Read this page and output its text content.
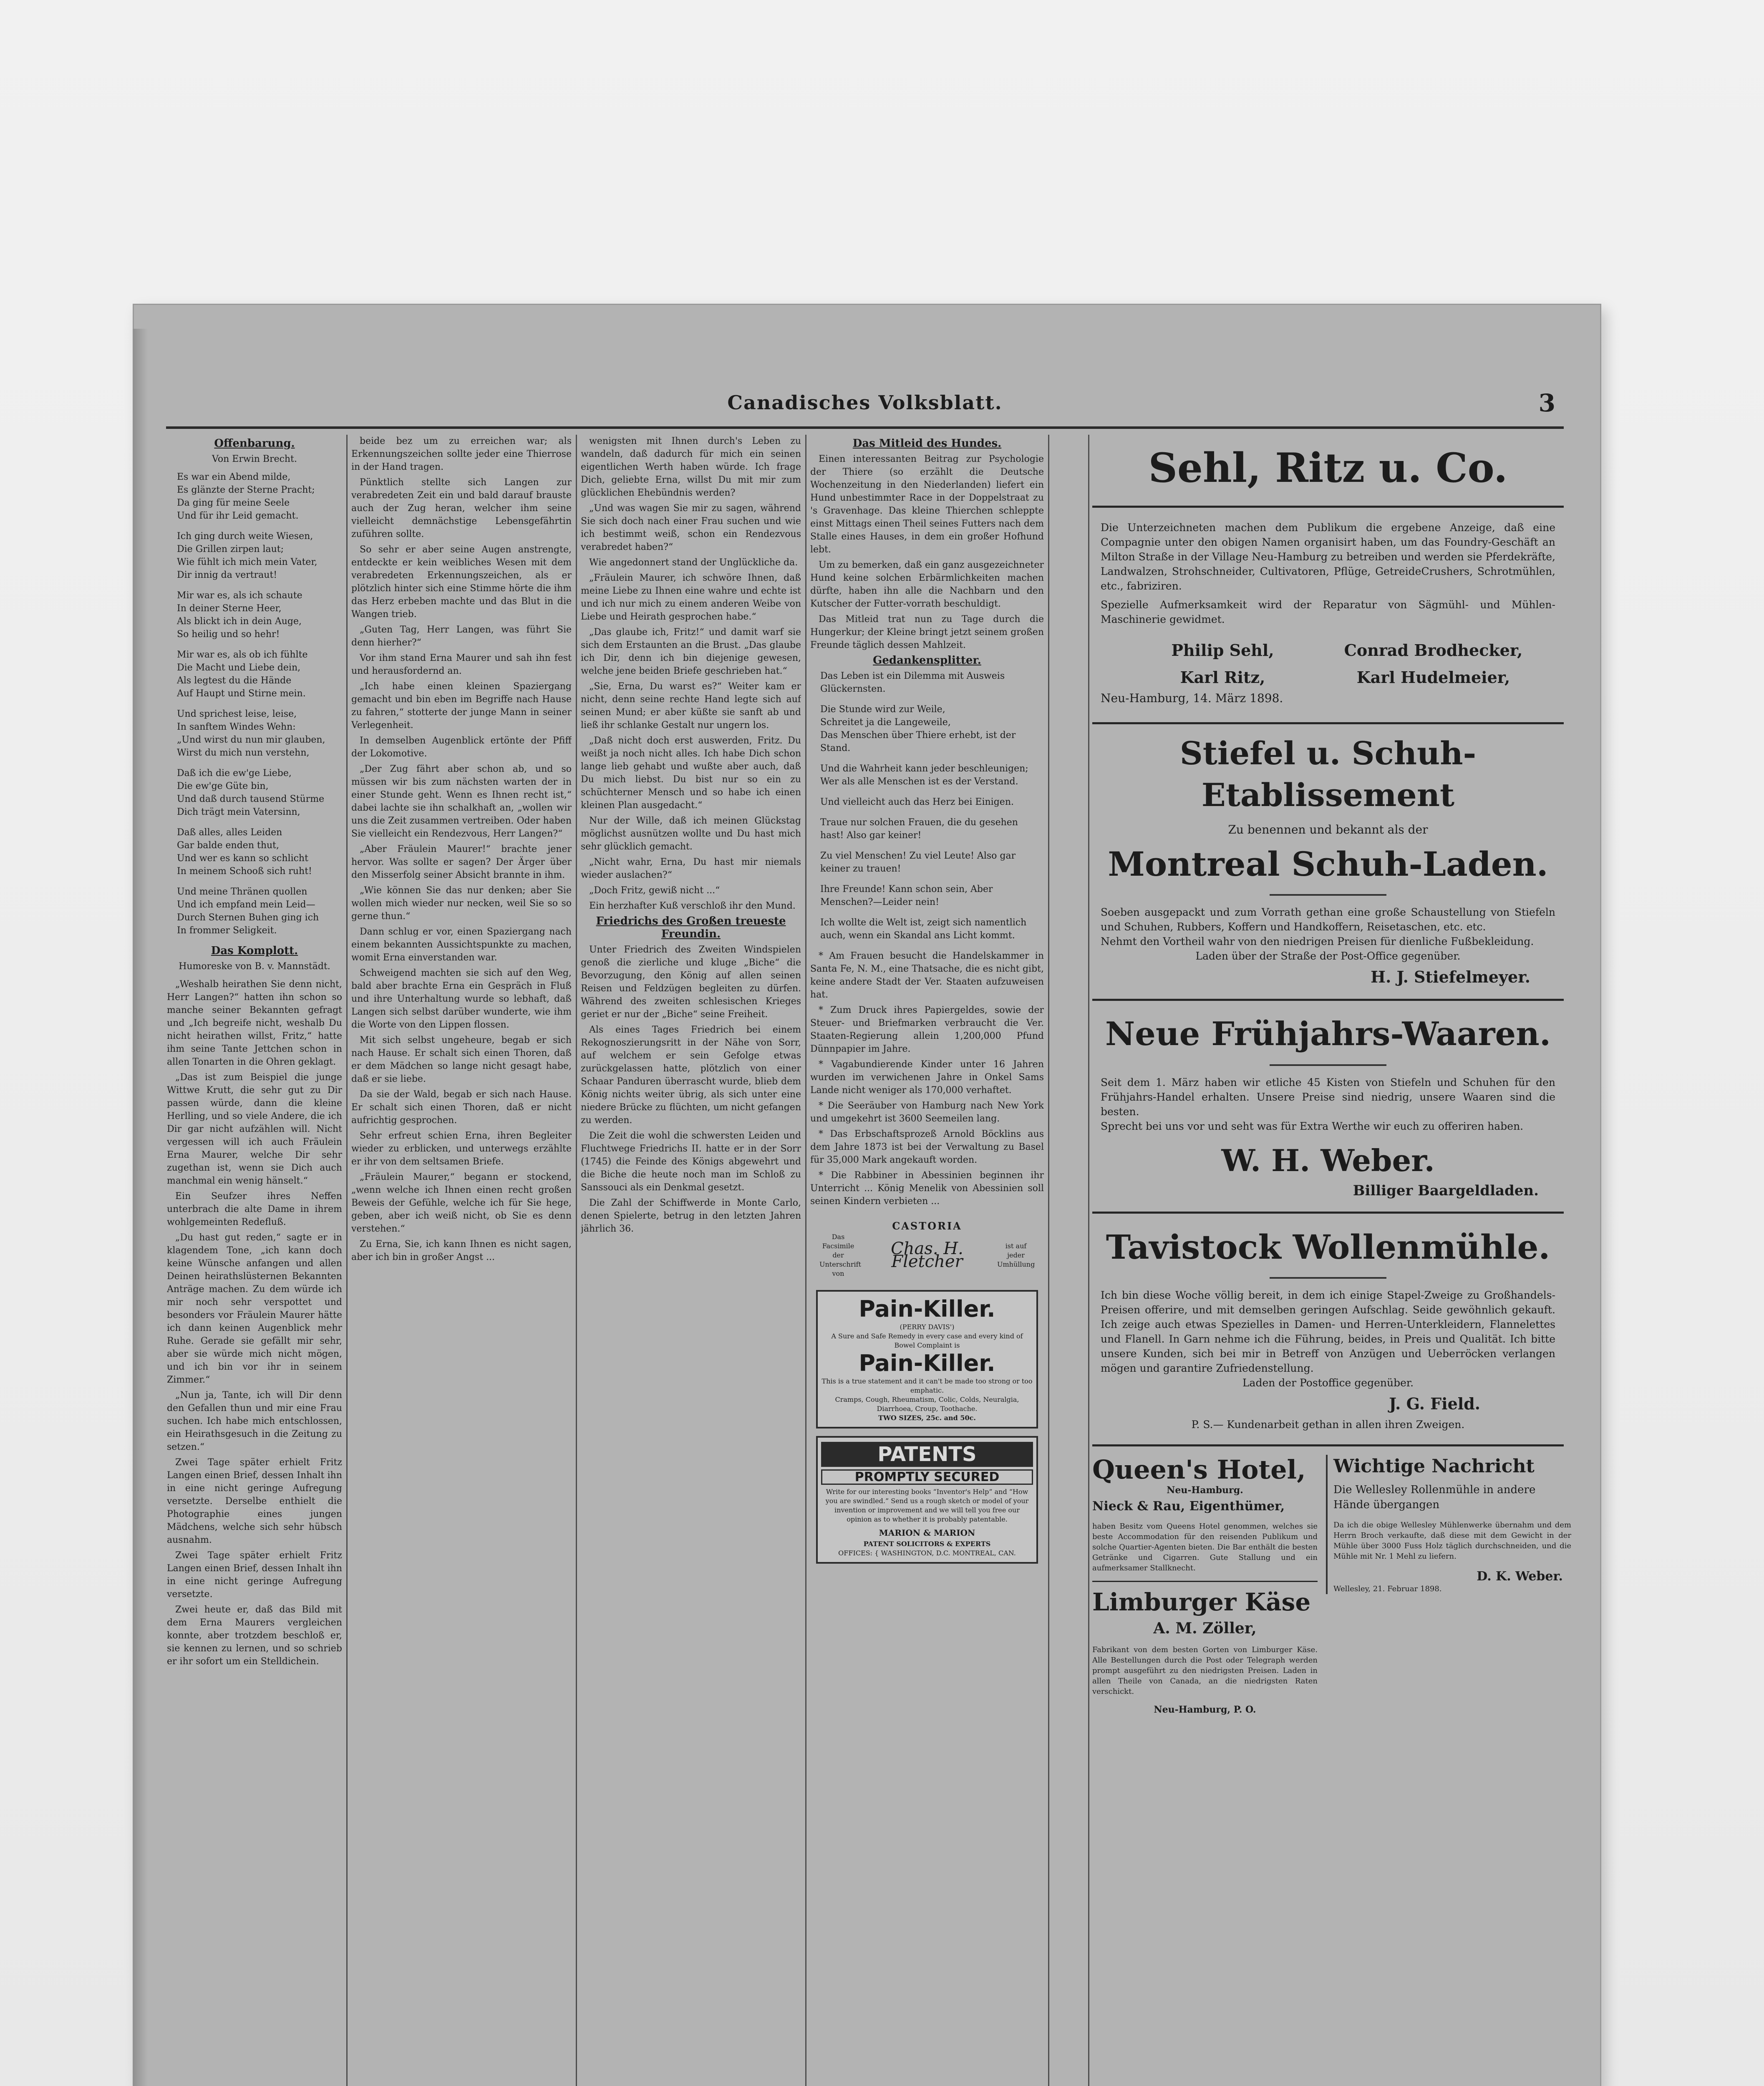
Canadisches Volksblatt.	3
Offenbarung.
Von Erwin Brecht.

Es war ein Abend milde,
Es glänzte der Sterne Pracht;
Da ging für meine Seele
Und für ihr Leid gemacht.

Ich ging durch weite Wiesen,
Die Grillen zirpen laut;
Wie fühlt ich mich mein Vater,
Dir innig da vertraut!

Mir war es, als ich schaute
In deiner Sterne Heer,
Als blickt ich in dein Auge,
So heilig und so hehr!

Mir war es, als ob ich fühlte
Die Macht und Liebe dein,
Als legtest du die Hände
Auf Haupt und Stirne mein.

Und sprichest leise, leise,
In sanftem Windes Wehn:
„Und wirst du nun mir glauben,
Wirst du mich nun verstehn,

Daß ich die ew'ge Liebe,
Die ew'ge Güte bin,
Und daß durch tausend Stürme
Dich trägt mein Vatersinn,

Daß alles, alles Leiden
Gar balde enden thut,
Und wer es kann so schlicht
In meinem Schooß sich ruht!

Und meine Thränen quollen
Und ich empfand mein Leid—
Durch Sternen Buhen ging ich
In frommer Seligkeit.

Das Komplott.
Humoreske von B. v. Mannstädt.

„Weshalb heirathen Sie denn nicht, Herr Langen?“ hatten ihn schon so manche seiner Bekannten gefragt und „Ich begreife nicht, weshalb Du nicht heirathen willst, Fritz,“ hatte ihm seine Tante Jettchen schon in allen Tonarten in die Ohren geklagt.

„Das ist zum Beispiel die junge Wittwe Krutt, die sehr gut zu Dir passen würde, dann die kleine Herlling, und so viele Andere, die ich Dir gar nicht aufzählen will. Nicht vergessen will ich auch Fräulein Erna Maurer, welche Dir sehr zugethan ist, wenn sie Dich auch manchmal ein wenig hänselt.“

Ein Seufzer ihres Neffen unterbrach die alte Dame in ihrem wohlgemeinten Redefluß.

„Du hast gut reden,“ sagte er in klagendem Tone, „ich kann doch keine Wünsche anfangen und allen Deinen heirathslüsternen Bekannten Anträge machen. Zu dem würde ich mir noch sehr verspottet und besonders vor Fräulein Maurer hätte ich dann keinen Augenblick mehr Ruhe. Gerade sie gefällt mir sehr, aber sie würde mich nicht mögen, und ich bin vor ihr in seinem Zimmer.“

„Nun ja, Tante, ich will Dir denn den Gefallen thun und mir eine Frau suchen. Ich habe mich entschlossen, ein Heirathsgesuch in die Zeitung zu setzen.“

Zwei Tage später erhielt Fritz Langen einen Brief, dessen Inhalt ihn in eine nicht geringe Aufregung versetzte. Derselbe enthielt die Photographie eines jungen Mädchens, welche sich sehr hübsch ausnahm.

Zwei Tage später erhielt Fritz Langen einen Brief, dessen Inhalt ihn in eine nicht geringe Aufregung versetzte.

Zwei heute er, daß das Bild mit dem Erna Maurers vergleichen konnte, aber trotzdem beschloß er, sie kennen zu lernen, und so schrieb er ihr sofort um ein Stelldichein.

beide bez um zu erreichen war; als Erkennungszeichen sollte jeder eine Thierrose in der Hand tragen.

Pünktlich stellte sich Langen zur verabredeten Zeit ein und bald darauf brauste auch der Zug heran, welcher ihm seine vielleicht demnächstige Lebensgefährtin zuführen sollte.

So sehr er aber seine Augen anstrengte, entdeckte er kein weibliches Wesen mit dem verabredeten Erkennungszeichen, als er plötzlich hinter sich eine Stimme hörte die ihm das Herz erbeben machte und das Blut in die Wangen trieb.

„Guten Tag, Herr Langen, was führt Sie denn hierher?“

Vor ihm stand Erna Maurer und sah ihn fest und herausfordernd an.

„Ich habe einen kleinen Spaziergang gemacht und bin eben im Begriffe nach Hause zu fahren,“ stotterte der junge Mann in seiner Verlegenheit.

In demselben Augenblick ertönte der Pfiff der Lokomotive.

„Der Zug fährt aber schon ab, und so müssen wir bis zum nächsten warten der in einer Stunde geht. Wenn es Ihnen recht ist,“ dabei lachte sie ihn schalkhaft an, „wollen wir uns die Zeit zusammen vertreiben. Oder haben Sie vielleicht ein Rendezvous, Herr Langen?“

„Aber Fräulein Maurer!“ brachte jener hervor. Was sollte er sagen? Der Ärger über den Misserfolg seiner Absicht brannte in ihm.

„Wie können Sie das nur denken; aber Sie wollen mich wieder nur necken, weil Sie so so gerne thun.“

Dann schlug er vor, einen Spaziergang nach einem bekannten Aussichtspunkte zu machen, womit Erna einverstanden war.

Schweigend machten sie sich auf den Weg, bald aber brachte Erna ein Gespräch in Fluß und ihre Unterhaltung wurde so lebhaft, daß Langen sich selbst darüber wunderte, wie ihm die Worte von den Lippen flossen.

Mit sich selbst ungeheure, begab er sich nach Hause. Er schalt sich einen Thoren, daß er dem Mädchen so lange nicht gesagt habe, daß er sie liebe.

Da sie der Wald, begab er sich nach Hause. Er schalt sich einen Thoren, daß er nicht aufrichtig gesprochen.

Sehr erfreut schien Erna, ihren Begleiter wieder zu erblicken, und unterwegs erzählte er ihr von dem seltsamen Briefe.

„Fräulein Maurer,“ begann er stockend, „wenn welche ich Ihnen einen recht großen Beweis der Gefühle, welche ich für Sie hege, geben, aber ich weiß nicht, ob Sie es denn verstehen.“

Zu Erna, Sie, ich kann Ihnen es nicht sagen, aber ich bin in großer Angst ...

wenigsten mit Ihnen durch's Leben zu wandeln, daß dadurch für mich ein seinen eigentlichen Werth haben würde. Ich frage Dich, geliebte Erna, willst Du mit mir zum glücklichen Ehebündnis werden?

„Und was wagen Sie mir zu sagen, während Sie sich doch nach einer Frau suchen und wie ich bestimmt weiß, schon ein Rendezvous verabredet haben?“

Wie angedonnert stand der Unglückliche da.

„Fräulein Maurer, ich schwöre Ihnen, daß meine Liebe zu Ihnen eine wahre und echte ist und ich nur mich zu einem anderen Weibe von Liebe und Heirath gesprochen habe.“

„Das glaube ich, Fritz!“ und damit warf sie sich dem Erstaunten an die Brust. „Das glaube ich Dir, denn ich bin diejenige gewesen, welche jene beiden Briefe geschrieben hat.“

„Sie, Erna, Du warst es?“ Weiter kam er nicht, denn seine rechte Hand legte sich auf seinen Mund; er aber küßte sie sanft ab und ließ ihr schlanke Gestalt nur ungern los.

„Daß nicht doch erst auswerden, Fritz. Du weißt ja noch nicht alles. Ich habe Dich schon lange lieb gehabt und wußte aber auch, daß Du mich liebst. Du bist nur so ein zu schüchterner Mensch und so habe ich einen kleinen Plan ausgedacht.“

Nur der Wille, daß ich meinen Glückstag möglichst ausnützen wollte und Du hast mich sehr glücklich gemacht.

„Nicht wahr, Erna, Du hast mir niemals wieder auslachen?“

„Doch Fritz, gewiß nicht ...“

Ein herzhafter Kuß verschloß ihr den Mund.

Friedrichs des Großen treueste Freundin.

Unter Friedrich des Zweiten Windspielen genoß die zierliche und kluge „Biche“ die Bevorzugung, den König auf allen seinen Reisen und Feldzügen begleiten zu dürfen. Während des zweiten schlesischen Krieges geriet er nur der „Biche“ seine Freiheit.

Als eines Tages Friedrich bei einem Rekognoszierungsritt in der Nähe von Sorr, auf welchem er sein Gefolge etwas zurückgelassen hatte, plötzlich von einer Schaar Panduren überrascht wurde, blieb dem König nichts weiter übrig, als sich unter eine niedere Brücke zu flüchten, um nicht gefangen zu werden.

Die Zeit die wohl die schwersten Leiden und Fluchtwege Friedrichs II. hatte er in der Sorr (1745) die Feinde des Königs abgewehrt und die Biche die heute noch man im Schloß zu Sanssouci als ein Denkmal gesetzt.

Die Zahl der Schiffwerde in Monte Carlo, denen Spielerte, betrug in den letzten Jahren jährlich 36.

Das Mitleid des Hundes.

Einen interessanten Beitrag zur Psychologie der Thiere (so erzählt die Deutsche Wochenzeitung in den Niederlanden) liefert ein Hund unbestimmter Race in der Doppelstraat zu 's Gravenhage. Das kleine Thierchen schleppte einst Mittags einen Theil seines Futters nach dem Stalle eines Hauses, in dem ein großer Hofhund lebt.

Um zu bemerken, daß ein ganz ausgezeichneter Hund keine solchen Erbärmlichkeiten machen dürfte, haben ihn alle die Nachbarn und den Kutscher der Futter-vorrath beschuldigt.

Das Mitleid trat nun zu Tage durch die Hungerkur; der Kleine bringt jetzt seinem großen Freunde täglich dessen Mahlzeit.

Gedankensplitter.

Das Leben ist ein Dilemma mit Ausweis Glückernsten.

Die Stunde wird zur Weile,
Schreitet ja die Langeweile,
Das Menschen über Thiere erhebt, ist der Stand.

Und die Wahrheit kann jeder beschleunigen;
Wer als alle Menschen ist es der Verstand.

Und vielleicht auch das Herz bei Einigen.

Traue nur solchen Frauen, die du gesehen hast! Also gar keiner!

Zu viel Menschen! Zu viel Leute! Also gar keiner zu trauen!

Ihre Freunde! Kann schon sein, Aber Menschen?—Leider nein!

Ich wollte die Welt ist, zeigt sich namentlich auch, wenn ein Skandal ans Licht kommt.

* Am Frauen besucht die Handelskammer in Santa Fe, N. M., eine Thatsache, die es nicht gibt, keine andere Stadt der Ver. Staaten aufzuweisen hat.

* Zum Druck ihres Papiergeldes, sowie der Steuer- und Briefmarken verbraucht die Ver. Staaten-Regierung allein 1,200,000 Pfund Dünnpapier im Jahre.

* Vagabundierende Kinder unter 16 Jahren wurden im verwichenen Jahre in Onkel Sams Lande nicht weniger als 170,000 verhaftet.

* Die Seeräuber von Hamburg nach New York und umgekehrt ist 3600 Seemeilen lang.

* Das Erbschaftsprozeß Arnold Böcklins aus dem Jahre 1873 ist bei der Verwaltung zu Basel für 35,000 Mark angekauft worden.

* Die Rabbiner in Abessinien beginnen ihr Unterricht ... König Menelik von Abessinien soll seinen Kindern verbieten ...

CASTORIA
Das Facsimile der Unterschrift von
Chas. H. Fletcher
ist auf jeder Umhüllung
Pain-Killer.
(PERRY DAVIS')
A Sure and Safe Remedy in every case and every kind of Bowel Complaint is
Pain-Killer.
This is a true statement and it can't be made too strong or too emphatic.
Cramps, Cough, Rheumatism, Colic, Colds, Neuralgia, Diarrhoea, Croup, Toothache.
TWO SIZES, 25c. and 50c.
PATENTS
PROMPTLY SECURED
Write for our interesting books “Inventor's Help” and “How you are swindled.” Send us a rough sketch or model of your invention or improvement and we will tell you free our opinion as to whether it is probably patentable.
MARION & MARION
PATENT SOLICITORS & EXPERTS
OFFICES: { WASHINGTON, D.C. MONTREAL, CAN.
Sehl, Ritz u. Co.

Die Unterzeichneten machen dem Publikum die ergebene Anzeige, daß eine Compagnie unter den obigen Namen organisirt haben, um das Foundry-Geschäft an Milton Straße in der Village Neu-Hamburg zu betreiben und werden sie Pferdekräfte, Landwalzen, Strohschneider, Cultivatoren, Pflüge, GetreideCrushers, Schrotmühlen, etc., fabriziren.

Spezielle Aufmerksamkeit wird der Reparatur von Sägmühl- und Mühlen-Maschinerie gewidmet.

Philip Sehl,	Conrad Brodhecker,
Karl Ritz,	Karl Hudelmeier,
Neu-Hamburg, 14. März 1898.
Stiefel u. Schuh-Etablissement
Zu benennen und bekannt als der
Montreal Schuh-Laden.

Soeben ausgepackt und zum Vorrath gethan eine große Schaustellung von Stiefeln und Schuhen, Rubbers, Koffern und Handkoffern, Reisetaschen, etc. etc.

Nehmt den Vortheil wahr von den niedrigen Preisen für dienliche Fußbekleidung.

Laden über der Straße der Post-Office gegenüber.

H. J. Stiefelmeyer.
Neue Frühjahrs-Waaren.

Seit dem 1. März haben wir etliche 45 Kisten von Stiefeln und Schuhen für den Frühjahrs-Handel erhalten. Unsere Preise sind niedrig, unsere Waaren sind die besten.

Sprecht bei uns vor und seht was für Extra Werthe wir euch zu offeriren haben.

W. H. Weber.
Billiger Baargeldladen.
Tavistock Wollenmühle.

Ich bin diese Woche völlig bereit, in dem ich einige Stapel-Zweige zu Großhandels-Preisen offerire, und mit demselben geringen Aufschlag. Seide gewöhnlich gekauft. Ich zeige auch etwas Spezielles in Damen- und Herren-Unterkleidern, Flannelettes und Flanell. In Garn nehme ich die Führung, beides, in Preis und Qualität. Ich bitte unsere Kunden, sich bei mir in Betreff von Anzügen und Ueberröcken verlangen mögen und garantire Zufriedenstellung.

Laden der Postoffice gegenüber.

J. G. Field.
P. S.— Kundenarbeit gethan in allen ihren Zweigen.
Queen's Hotel,
Neu-Hamburg.
Nieck & Rau, Eigenthümer,

haben Besitz vom Queens Hotel genommen, welches sie beste Accommodation für den reisenden Publikum und solche Quartier-Agenten bieten. Die Bar enthält die besten Getränke und Cigarren. Gute Stallung und ein aufmerksamer Stallknecht.

Limburger Käse
A. M. Zöller,

Fabrikant von dem besten Gorten von Limburger Käse. Alle Bestellungen durch die Post oder Telegraph werden prompt ausgeführt zu den niedrigsten Preisen. Laden in allen Theile von Canada, an die niedrigsten Raten verschickt.

Neu-Hamburg, P. O.
Wichtige Nachricht
Die Wellesley Rollenmühle in andere Hände übergangen

Da ich die obige Wellesley Mühlenwerke übernahm und dem Herrn Broch verkaufte, daß diese mit dem Gewicht in der Mühle über 3000 Fuss Holz täglich durchschneiden, und die Mühle mit Nr. 1 Mehl zu liefern.

D. K. Weber.
Wellesley, 21. Februar 1898.
